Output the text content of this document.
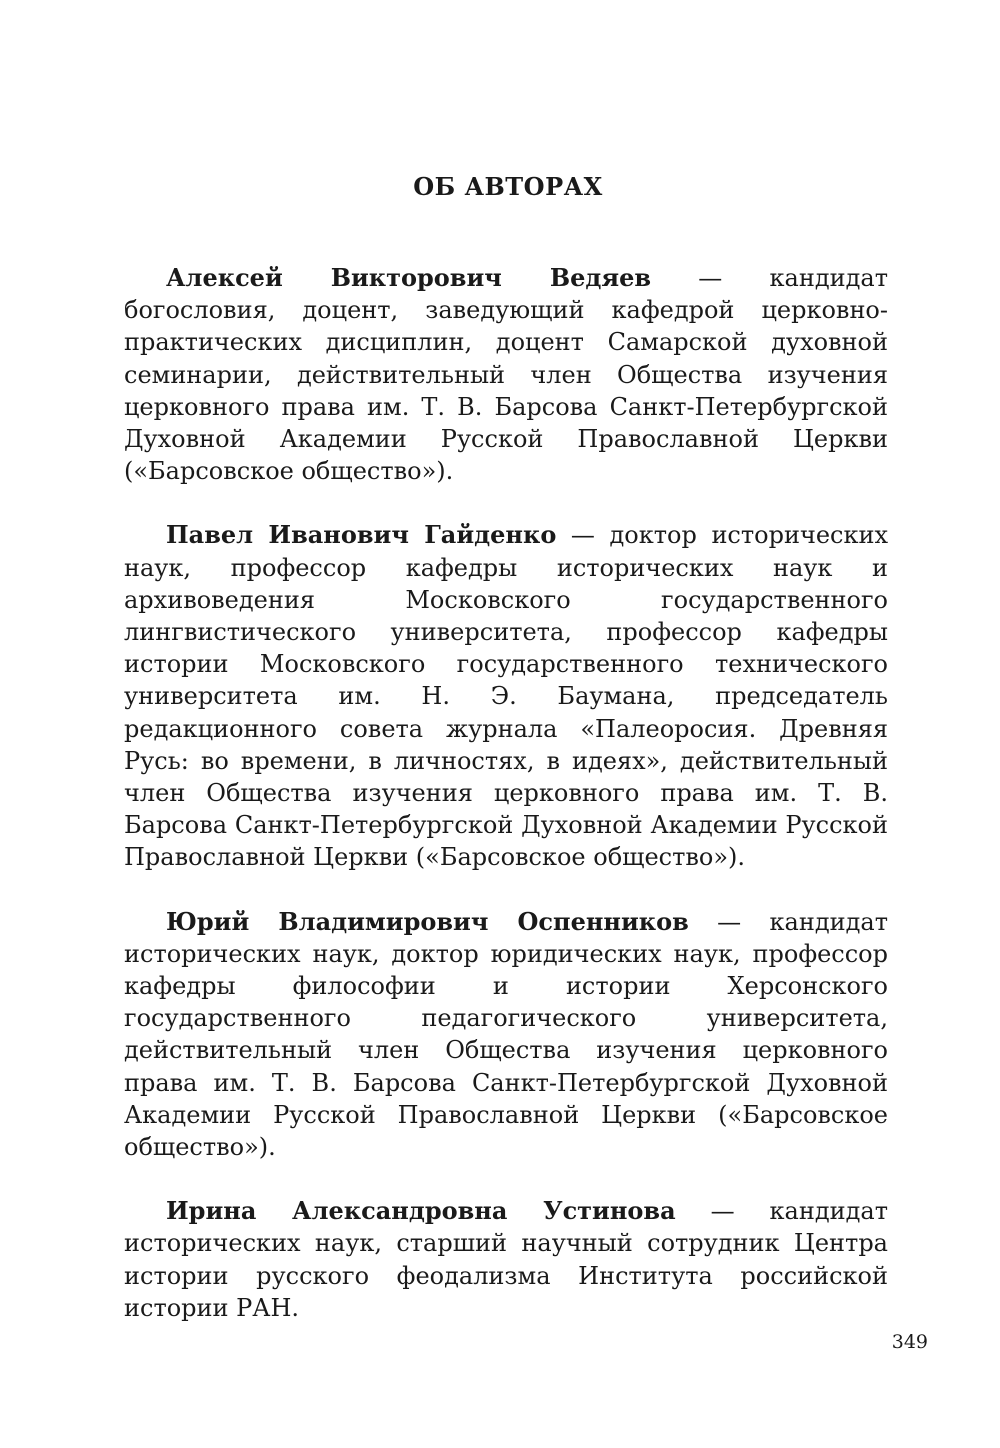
ОБ АВТОРАХ

Алексей Викторович Ведяев — кандидат богословия, доцент, заведующий кафедрой церковно-практических дисциплин, доцент Самарской духовной семинарии, действительный член Общества изучения церковного права им. Т. В. Барсова Санкт-Петербургской Духовной Академии Русской Православной Церкви («Барсовское общество»).

Павел Иванович Гайденко — доктор исторических наук, профессор кафедры исторических наук и архивоведения Московского государственного лингвистического университета, профессор кафедры истории Московского государственного технического университета им. Н. Э. Баумана, председатель редакционного совета журнала «Палеоросия. Древняя Русь: во времени, в личностях, в идеях», действительный член Общества изучения церковного права им. Т. В. Барсова Санкт-Петербургской Духовной Академии Русской Православной Церкви («Барсовское общество»).

Юрий Владимирович Оспенников — кандидат исторических наук, доктор юридических наук, профессор кафедры философии и истории Херсонского государственного педагогического университета, действительный член Общества изучения церковного права им. Т. В. Барсова Санкт-Петербургской Духовной Академии Русской Православной Церкви («Барсовское общество»).

Ирина Александровна Устинова — кандидат исторических наук, старший научный сотрудник Центра истории русского феодализма Института российской истории РАН.

349
